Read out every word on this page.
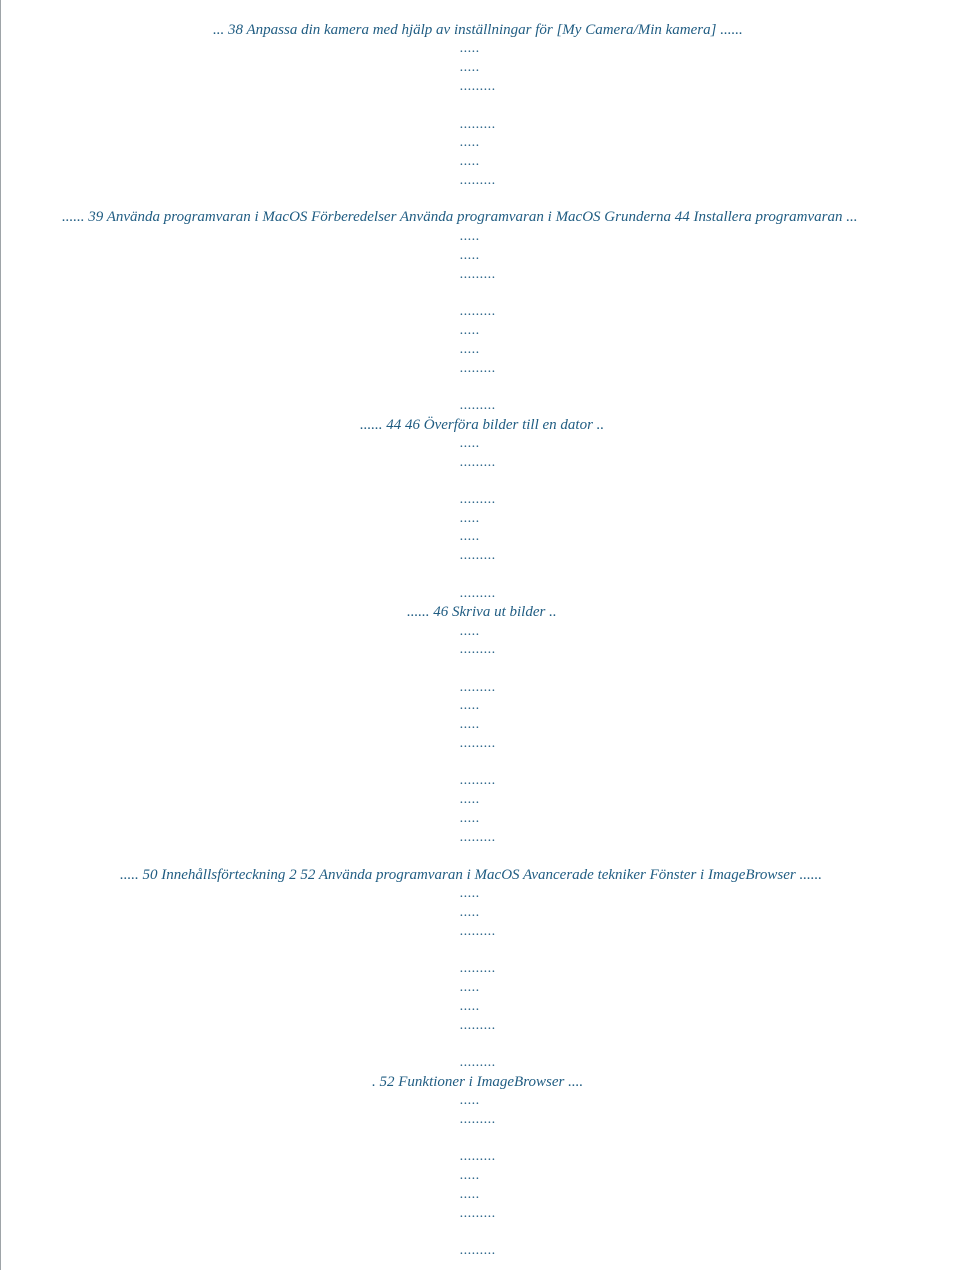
... 38 Anpassa din kamera med hjälp av inställningar för [My Camera/Min kamera] ......
.....
.....
.........
.........
.....
.....
.........
...... 39 Använda programvaran i MacOS Förberedelser Använda programvaran i MacOS Grunderna 44 Installera programvaran ...
.....
.....
.........
.........
.....
.....
.........
.........
...... 44 46 Överföra bilder till en dator ..
.....
.........
.........
.....
.....
.........
.........
...... 46 Skriva ut bilder ..
.....
.........
.........
.....
.....
.........
.........
.....
.....
.........
..... 50 Innehållsförteckning 2 52 Använda programvaran i MacOS Avancerade tekniker Fönster i ImageBrowser ......
.....
.....
.........
.........
.....
.....
.........
.........
. 52 Funktioner i ImageBrowser ....
.....
.........
.........
.....
.....
.........
.........
